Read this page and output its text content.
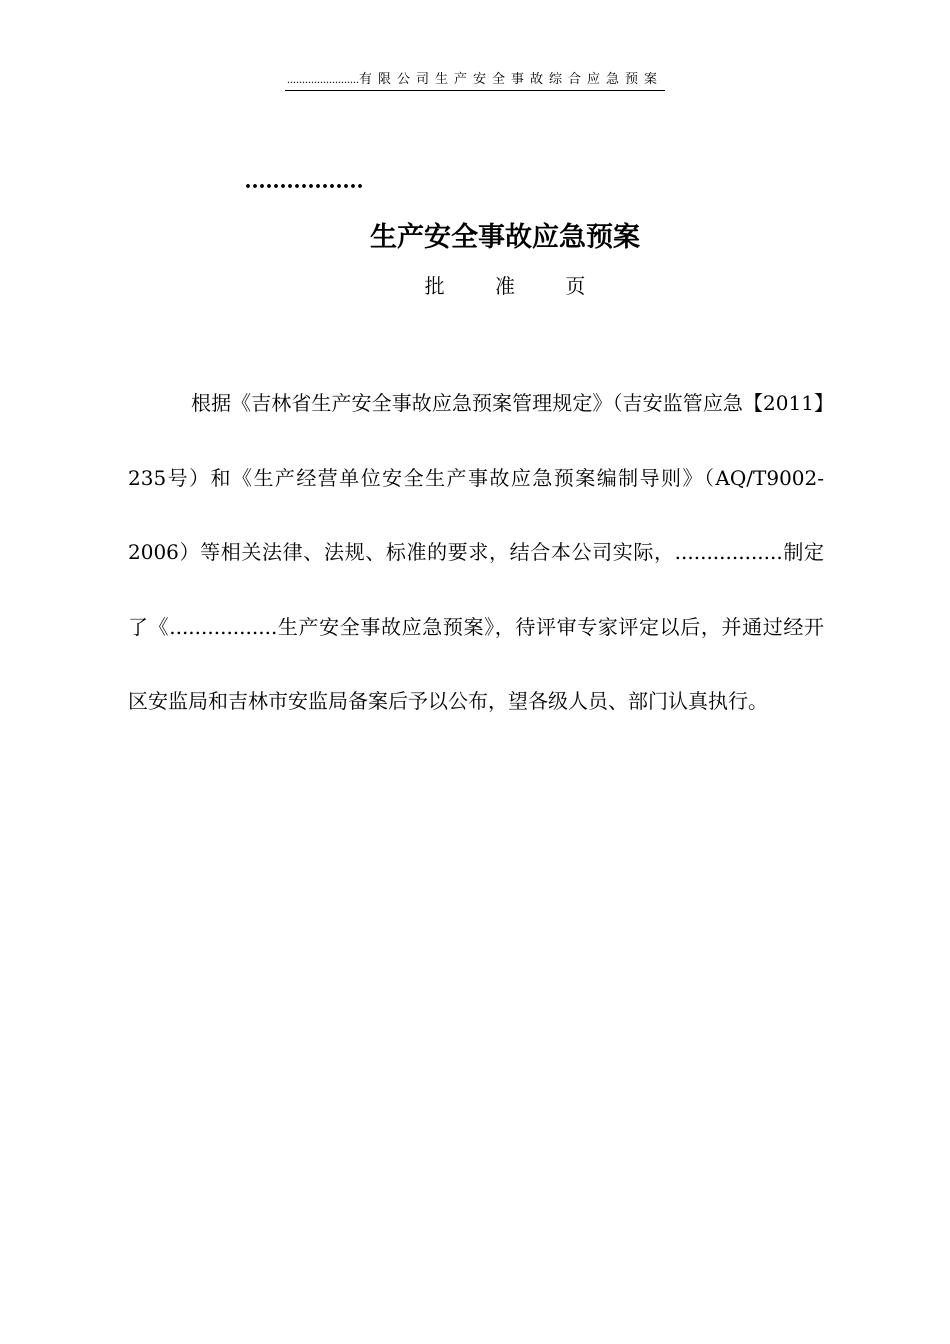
........................有限公司生产安全事故综合应急预案
.................
生产安全事故应急预案
批	准	页

根据《吉林省生产安全事故应急预案管理规定》（吉安监管应急【2011】235号）和《生产经营单位安全生产事故应急预案编制导则》（AQ/T9002-2006）等相关法律、法规、标准的要求，结合本公司实际，.................制定了《.................生产安全事故应急预案》，待评审专家评定以后，并通过经开区安监局和吉林市安监局备案后予以公布，望各级人员、部门认真执行。
